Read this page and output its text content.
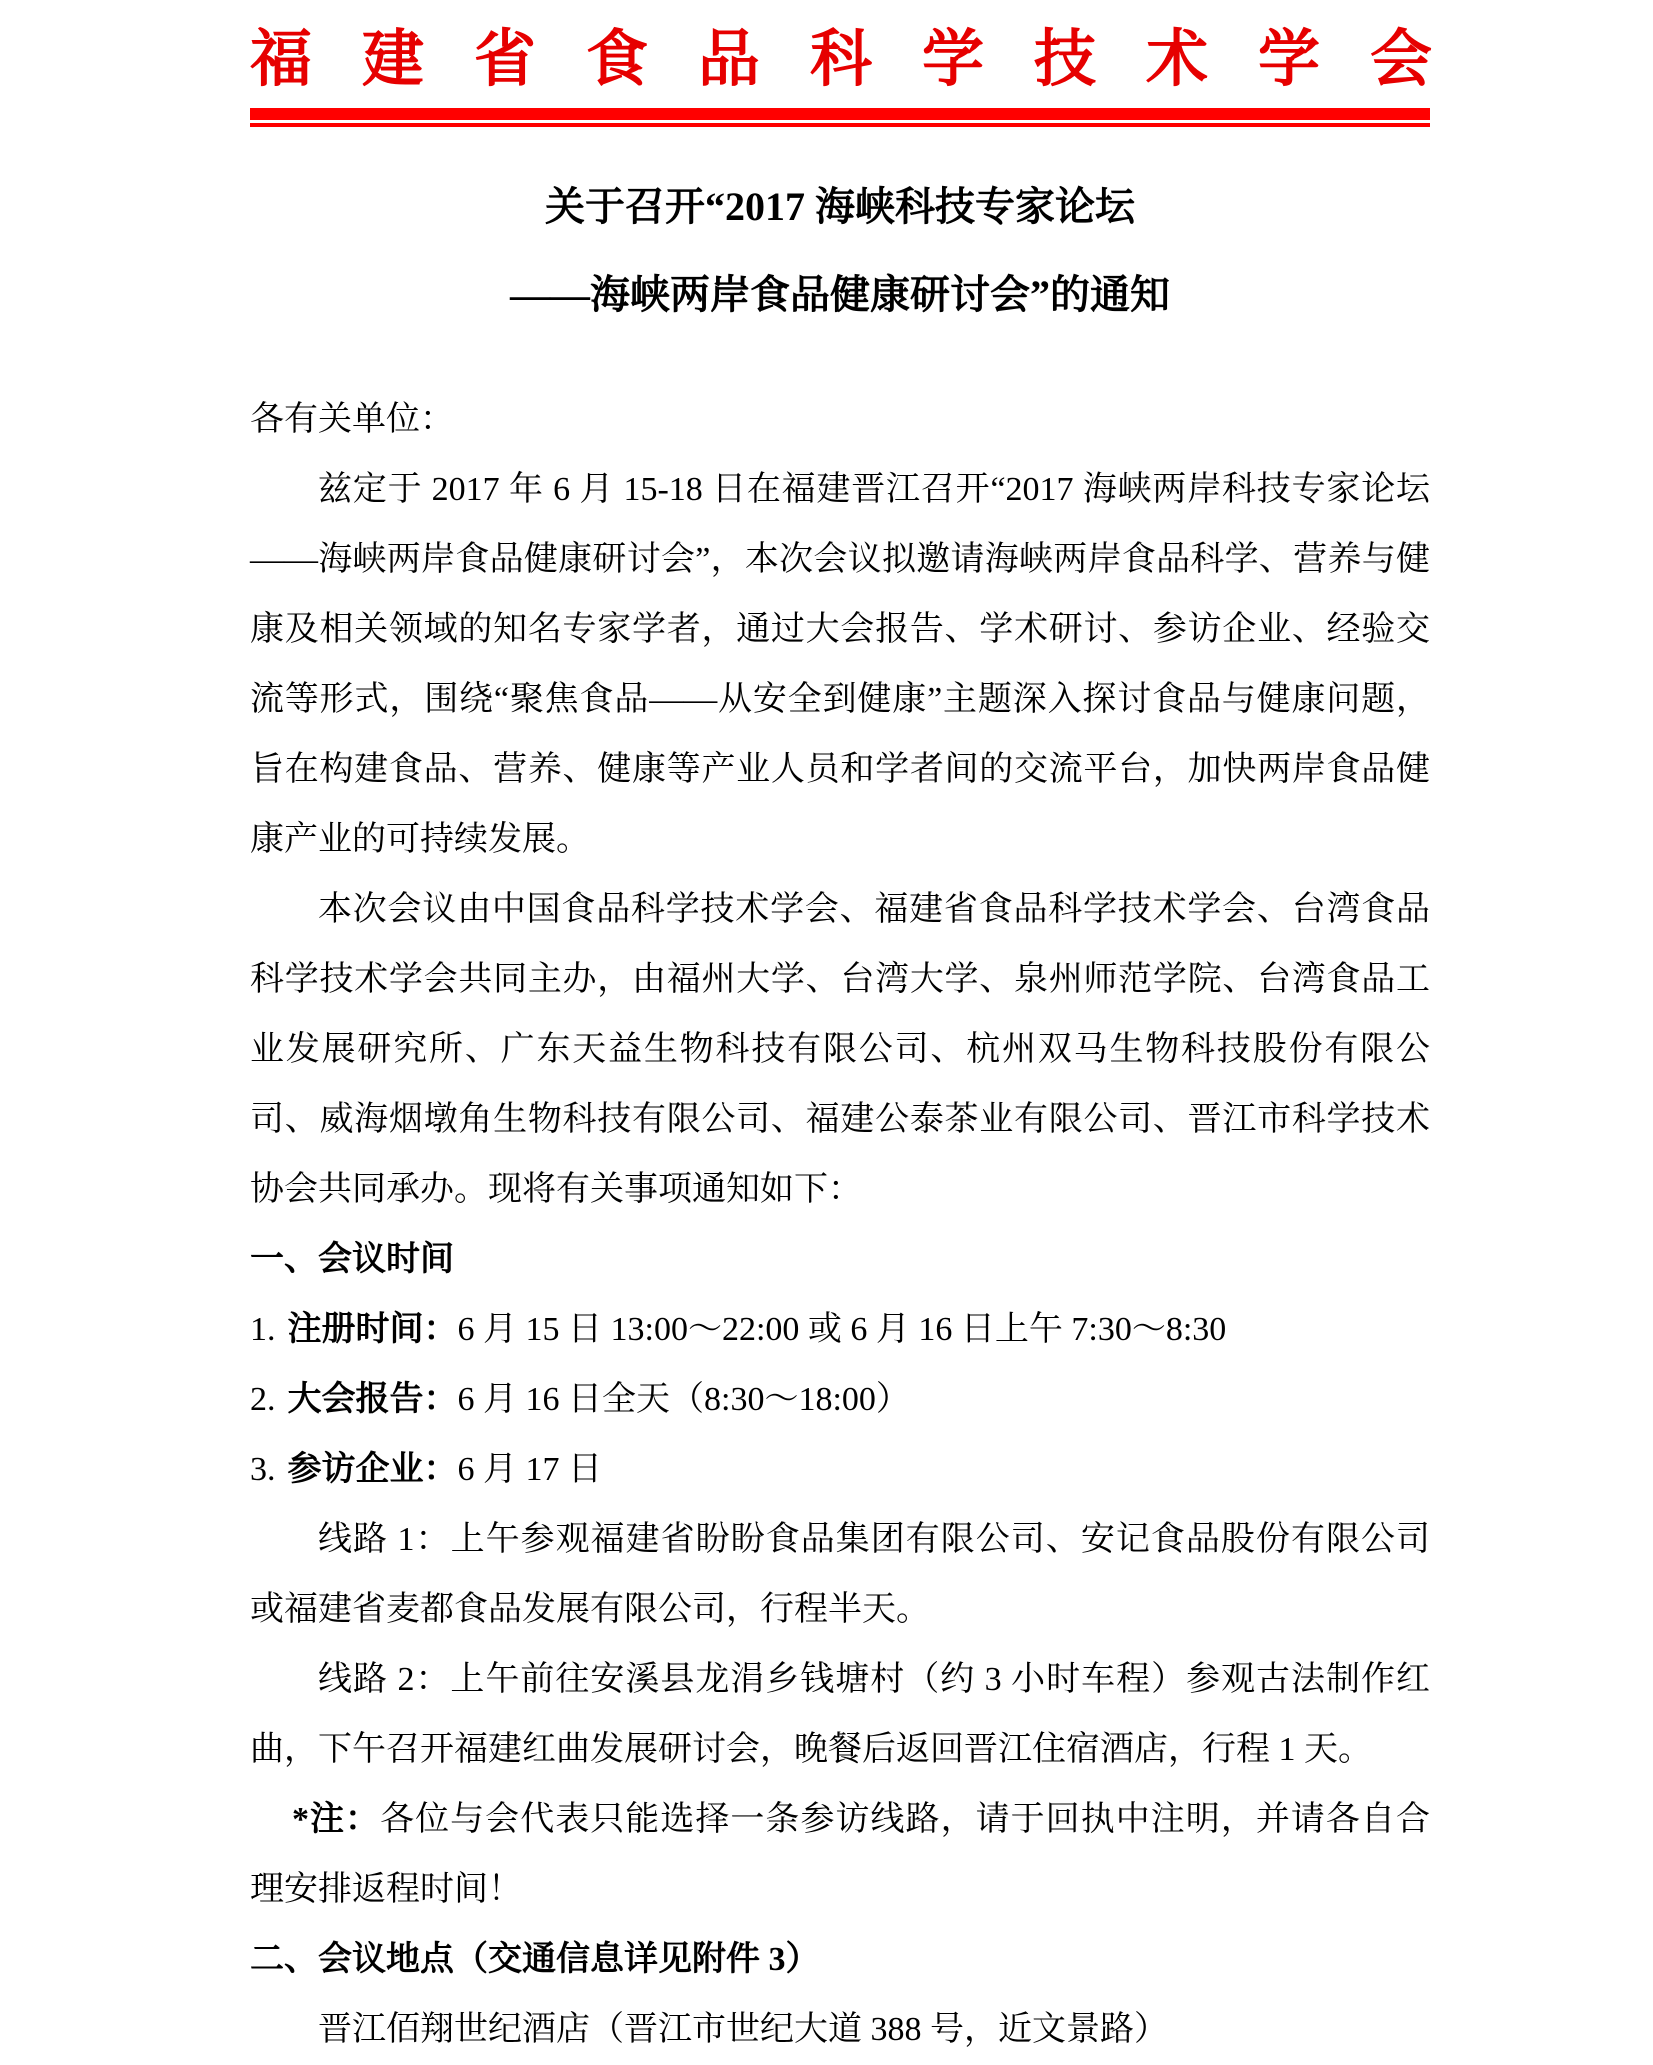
福建省食品科学技术学会
关于召开“2017 海峡科技专家论坛
——海峡两岸食品健康研讨会”的通知

各有关单位：

兹定于 2017 年 6 月 15-18 日在福建晋江召开“2017 海峡两岸科技专家论坛——海峡两岸食品健康研讨会”，本次会议拟邀请海峡两岸食品科学、营养与健康及相关领域的知名专家学者，通过大会报告、学术研讨、参访企业、经验交流等形式，围绕“聚焦食品——从安全到健康”主题深入探讨食品与健康问题，旨在构建食品、营养、健康等产业人员和学者间的交流平台，加快两岸食品健康产业的可持续发展。

本次会议由中国食品科学技术学会、福建省食品科学技术学会、台湾食品科学技术学会共同主办，由福州大学、台湾大学、泉州师范学院、台湾食品工业发展研究所、广东天益生物科技有限公司、杭州双马生物科技股份有限公司、威海烟墩角生物科技有限公司、福建公泰茶业有限公司、晋江市科学技术协会共同承办。现将有关事项通知如下：

一、会议时间

1. 注册时间：6 月 15 日 13:00～22:00 或 6 月 16 日上午 7:30～8:30

2. 大会报告：6 月 16 日全天（8:30～18:00）

3. 参访企业：6 月 17 日

线路 1：上午参观福建省盼盼食品集团有限公司、安记食品股份有限公司或福建省麦都食品发展有限公司，行程半天。

线路 2：上午前往安溪县龙涓乡钱塘村（约 3 小时车程）参观古法制作红曲，下午召开福建红曲发展研讨会，晚餐后返回晋江住宿酒店，行程 1 天。

*注：各位与会代表只能选择一条参访线路，请于回执中注明，并请各自合理安排返程时间！

二、会议地点（交通信息详见附件 3）

晋江佰翔世纪酒店（晋江市世纪大道 388 号，近文景路）
